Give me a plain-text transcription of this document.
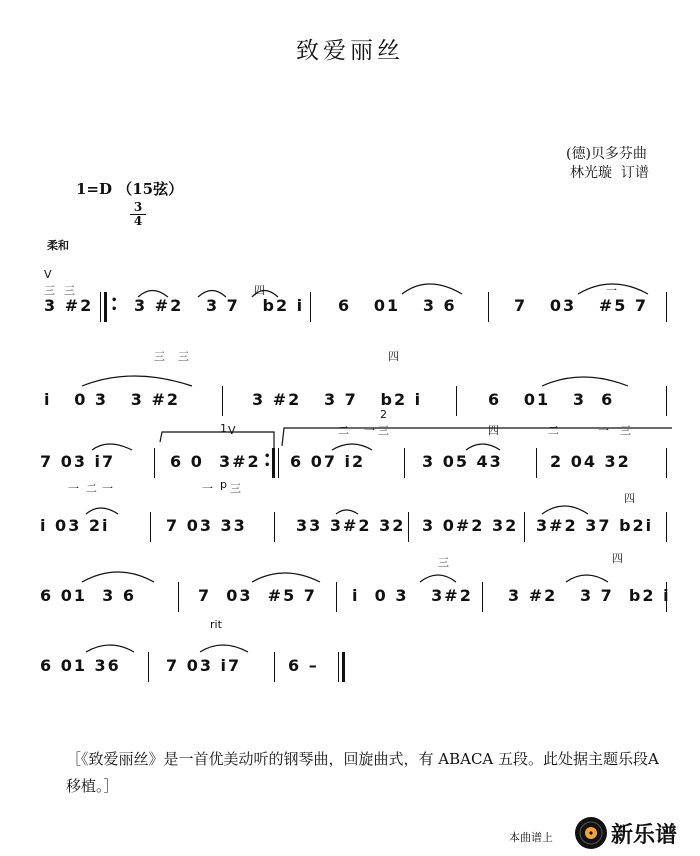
致爱丽丝
(德)贝多芬曲
林光璇  订谱
1=D （15弦）
3
4
柔和
V
三 三	四	一
3 #2 •
• 3 #2   3 7   b2 i 6   01   3 6	7   03   #5 7
三 三	四
i   0 3   3 #2	3 #2   3 7   b2 i	6   01   3  6
1 V
2
二 一 三	四	二	一 三
7 03 i7	6 0  3#2 •
• 6 07 i2	3 05 43	2 04 32
一 二 一	一 p 三
四
i 03 2i	7 03 33	33 3#2 32 3 0#2 32 3#2 37 b2i
三	四
6 01  3 6	7  03  #5 7 i  0 3   3#2 3 #2   3 7  b2 i
rit
6 01 36	7 03 i7	6 –
［《致爱丽丝》是一首优美动听的钢琴曲，回旋曲式，有 ABACA 五段。此处据主题乐段A 移植。］
本曲谱上	新乐谱
